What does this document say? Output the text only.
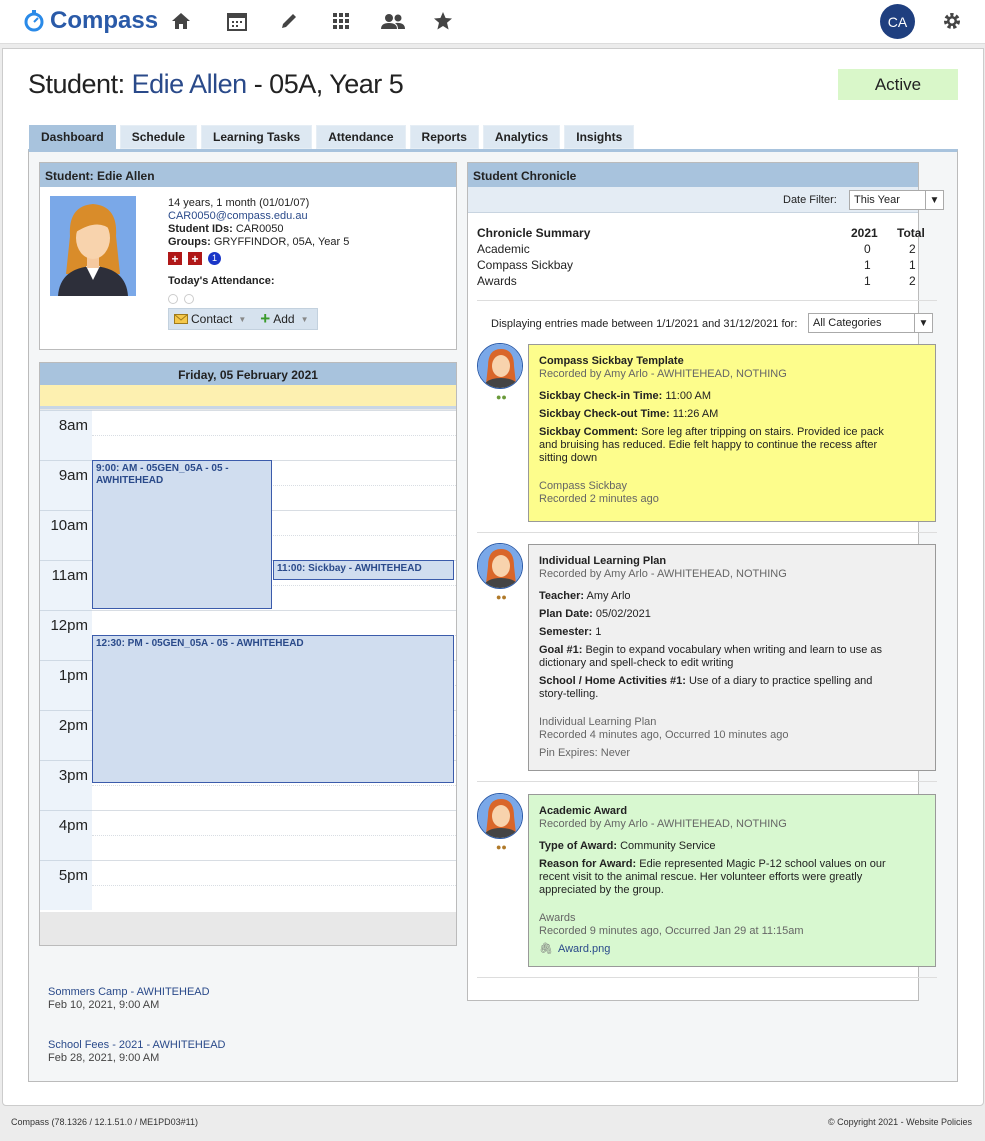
Compass	CA
Student: Edie Allen - 05A, Year 5	Active
Dashboard	Schedule	Learning Tasks	Attendance	Reports	Analytics	Insights
Student: Edie Allen
14 years, 1 month (01/01/07)
CAR0050@compass.edu.au
Student IDs: CAR0050
Groups: GRYFFINDOR, 05A, Year 5
+ +	1
Today's Attendance:
Contact ▼ + Add ▼
Friday, 05 February 2021
8am
9am
10am
11am
12pm
1pm
2pm
3pm
4pm
5pm
9:00: AM - 05GEN_05A - 05 - AWHITEHEAD
11:00: Sickbay - AWHITEHEAD
12:30: PM - 05GEN_05A - 05 - AWHITEHEAD
Sommers Camp - AWHITEHEAD
Feb 10, 2021, 9:00 AM
School Fees - 2021 - AWHITEHEAD
Feb 28, 2021, 9:00 AM
Student Chronicle
Date Filter:	This Year	▼
Chronicle Summary	2021 Total
Academic	0	2
Compass Sickbay	1	1
Awards	1	2
Displaying entries made between 1/1/2021 and 31/12/2021 for:	All Categories	▼
●●
Compass Sickbay Template
Recorded by Amy Arlo - AWHITEHEAD, NOTHING
Sickbay Check-in Time: 11:00 AM
Sickbay Check-out Time: 11:26 AM
Sickbay Comment: Sore leg after tripping on stairs. Provided ice pack and bruising has reduced. Edie felt happy to continue the recess after sitting down
Compass Sickbay
Recorded 2 minutes ago
●●
Individual Learning Plan
Recorded by Amy Arlo - AWHITEHEAD, NOTHING
Teacher: Amy Arlo
Plan Date: 05/02/2021
Semester: 1
Goal #1: Begin to expand vocabulary when writing and learn to use as dictionary and spell-check to edit writing
School / Home Activities #1: Use of a diary to practice spelling and story-telling.
Individual Learning Plan
Recorded 4 minutes ago, Occurred 10 minutes ago
Pin Expires: Never
●●
Academic Award
Recorded by Amy Arlo - AWHITEHEAD, NOTHING
Type of Award: Community Service
Reason for Award: Edie represented Magic P-12 school values on our recent visit to the animal rescue. Her volunteer efforts were greatly appreciated by the group.
Awards
Recorded 9 minutes ago, Occurred Jan 29 at 11:15am
🖇 Award.png
Compass (78.1326 / 12.1.51.0 / ME1PD03#11)	© Copyright 2021 - Website Policies
